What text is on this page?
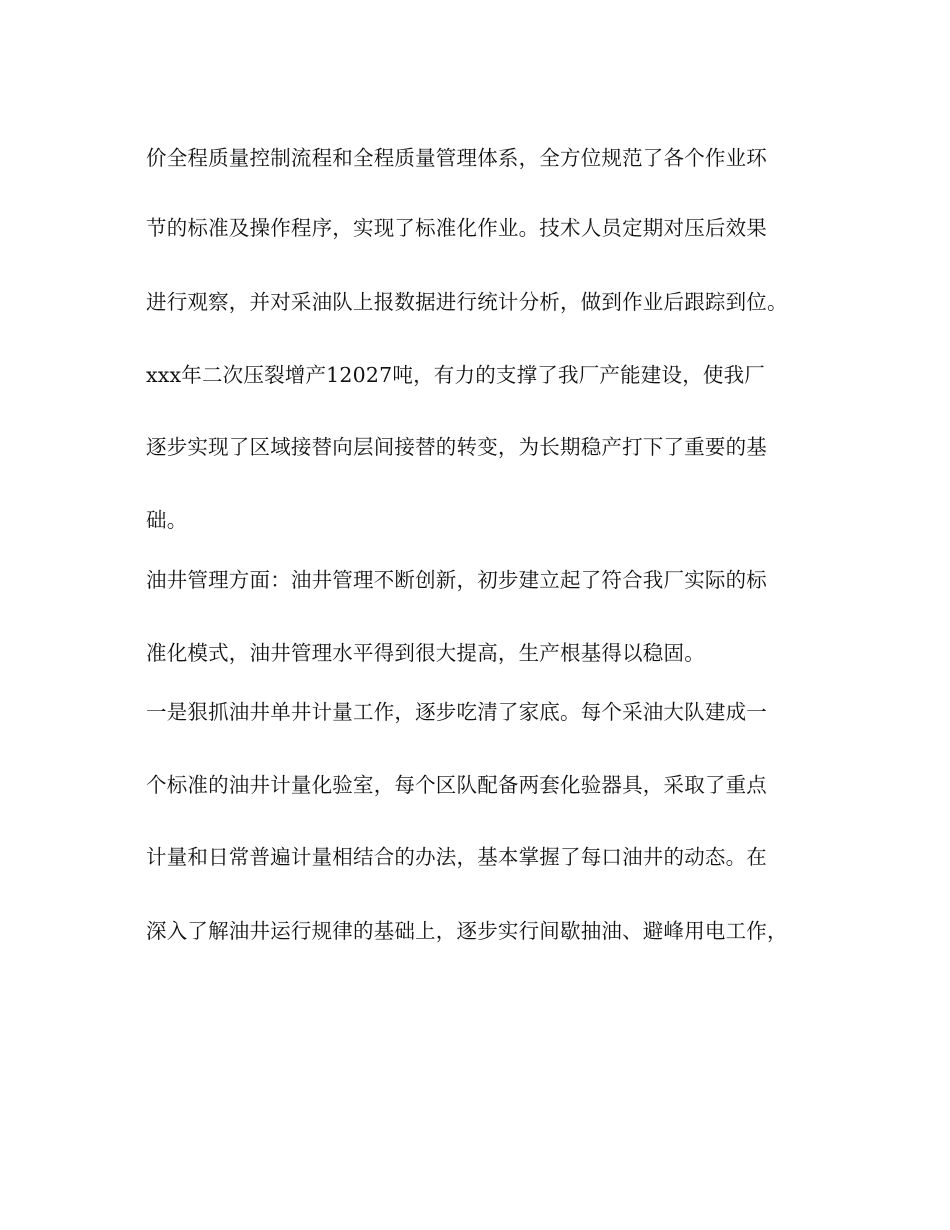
价全程质量控制流程和全程质量管理体系，全方位规范了各个作业环
节的标准及操作程序，实现了标准化作业。技术人员定期对压后效果
进行观察，并对采油队上报数据进行统计分析，做到作业后跟踪到位。
xxx年二次压裂增产12027吨，有力的支撑了我厂产能建设，使我厂
逐步实现了区域接替向层间接替的转变，为长期稳产打下了重要的基
础。
油井管理方面：油井管理不断创新，初步建立起了符合我厂实际的标
准化模式，油井管理水平得到很大提高，生产根基得以稳固。
一是狠抓油井单井计量工作，逐步吃清了家底。每个采油大队建成一
个标准的油井计量化验室，每个区队配备两套化验器具，采取了重点
计量和日常普遍计量相结合的办法，基本掌握了每口油井的动态。在
深入了解油井运行规律的基础上，逐步实行间歇抽油、避峰用电工作，
